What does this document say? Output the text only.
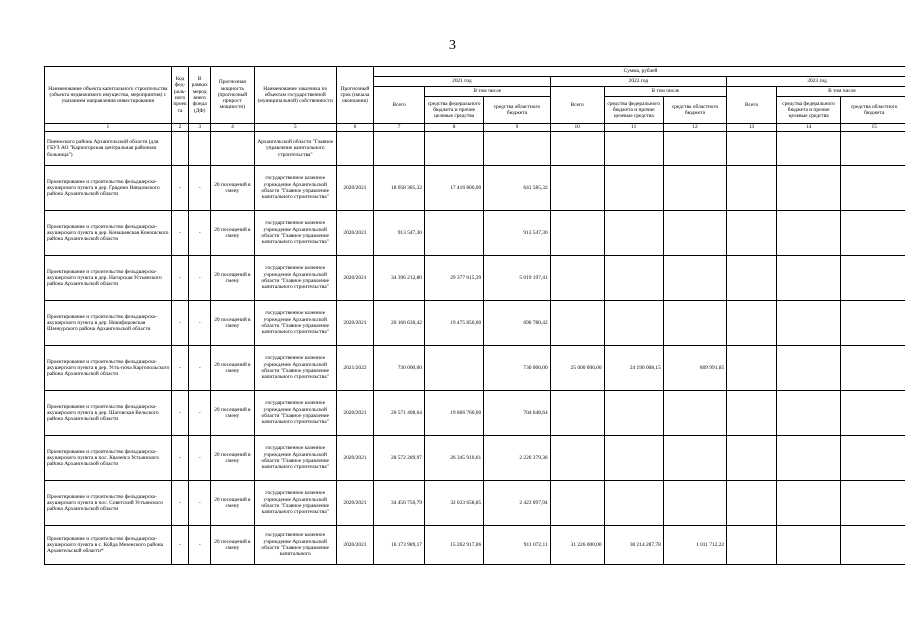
3
Наименование объекта капитального строительства (объекта недвижимого имущества, мероприятия) с указанием направления инвестирования	Код фед-раль-ного проекта	В рамках мерод внего фонда (ДФ)	Прогнозная мощность (прогнозный прирост мощности)	Наименование заказчика по объектам государственной (муниципальной) собственности	Прогнозный срок (начала окончания)	Сумма, рублей								
						2021 год			2022 год			2023 год		
						Всего	В том числе		Всего	В том числе		Всего	В том числе	
							средства федерального бюджета и прочие целевые средства	средства областного бюджета		средства федерального бюджета и прочие целевые средства	средства областного бюджета		средства федерального бюджета и прочие целевые средства	средства областного бюджета
1	2	3	4	5	6	7	8	9	10	11	12	13	14	15
Пинежского района Архангельской области (для ГБУЗ АО "Карпогорская центральная районная больница")				Архангельской области "Главное управление капитального строительства"										
Проектирование и строительство фельдшерско-акушерского пункта в дер. Грядино Няндомского района Архангельской области	-	-	20 посещений в смену	государственное казенное учреждение Архангельской области "Главное управление капитального строительства"	2020/2021	18 058 385,32	17 416 800,00	641 585,32						
Проектирование и строительство фельдшерско-акушерского пункта в дер. Конашевская Коношского района Архангельской области	-	-	20 посещений в смену	государственное казенное учреждение Архангельской области "Главное управление капитального строительства"	2020/2021	913 547,30		913 547,30						
Проектирование и строительство фельдшерско-акушерского пункта в дер. Нагорская Устьянского района Архангельской области	-	-	20 посещений в смену	государственное казенное учреждение Архангельской области "Главное управление капитального строительства"	2020/2021	34 396 212,80	29 377 015,39	5 019 197,41						
Проектирование и строительство фельдшерско-акушерского пункта в дер. Никифоровская Шенкурского района Архангельской области	-	-	20 посещений в смену	государственное казенное учреждение Архангельской области "Главное управление капитального строительства"	2020/2021	20 166 630,42	19 475 850,00	690 780,42						
Проектирование и строительство фельдшерско-акушерского пункта в дер. Усть-поча Каргопольского района Архангельской области	-	-	20 посещений в смену	государственное казенное учреждение Архангельской области "Главное управление капитального строительства"	2021/2022	730 000,00		730 000,00	25 000 000,00	24 190 008,15	809 991,85			
Проектирование и строительство фельдшерско-акушерского пункта в дер. Шаговская Вельского района Архангельской области	-	-	20 посещений в смену	государственное казенное учреждение Архангельской области "Главное управление капитального строительства"	2020/2021	20 571 408,64	19 866 760,00	704 648,64						
Проектирование и строительство фельдшерско-акушерского пункта в пос. Квазенга Устьянского района Архангельской области	-	-	20 посещений в смену	государственное казенное учреждение Архангельской области "Главное управление капитального строительства"	2020/2021	28 572 289,97	26 345 910,61	2 226 379,36						
Проектирование и строительство фельдшерско-акушерского пункта в пос. Советский Устьянского района Архангельской области	-	-	20 посещений в смену	государственное казенное учреждение Архангельской области "Главное управление капитального строительства"	2020/2021	34 456 756,79	32 033 658,85	2 423 097,94						
Проектирование и строительство фельдшерско-акушерского пункта в с. Койда Мезенского района Архангельской области*	-	-	20 посещений в смену	государственное казенное учреждение Архангельской области "Главное управление капитального	2020/2021	16 173 989,17	15 262 917,06	911 072,11	31 226 000,00	30 214 287,78	1 011 712,22			
